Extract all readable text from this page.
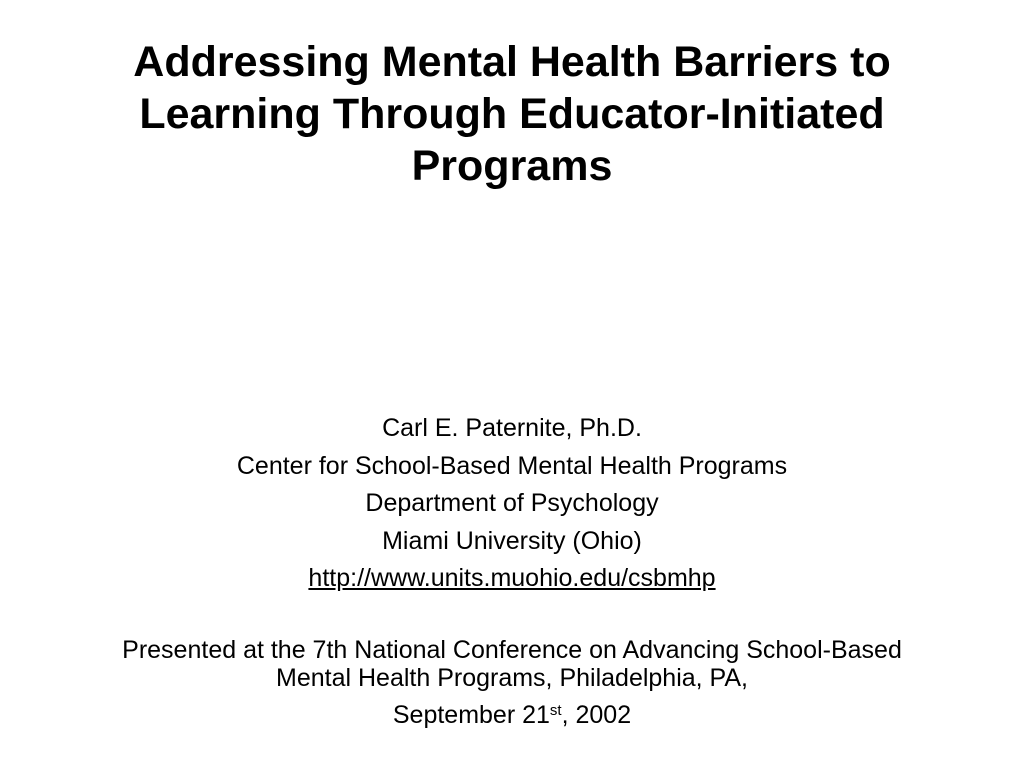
Addressing Mental Health Barriers to
Learning Through Educator-Initiated
Programs
Carl E. Paternite, Ph.D.
Center for School-Based Mental Health Programs
Department of Psychology
Miami University (Ohio)
http://www.units.muohio.edu/csbmhp
Presented at the 7th National Conference on Advancing School-Based
Mental Health Programs, Philadelphia, PA,
September 21st, 2002
